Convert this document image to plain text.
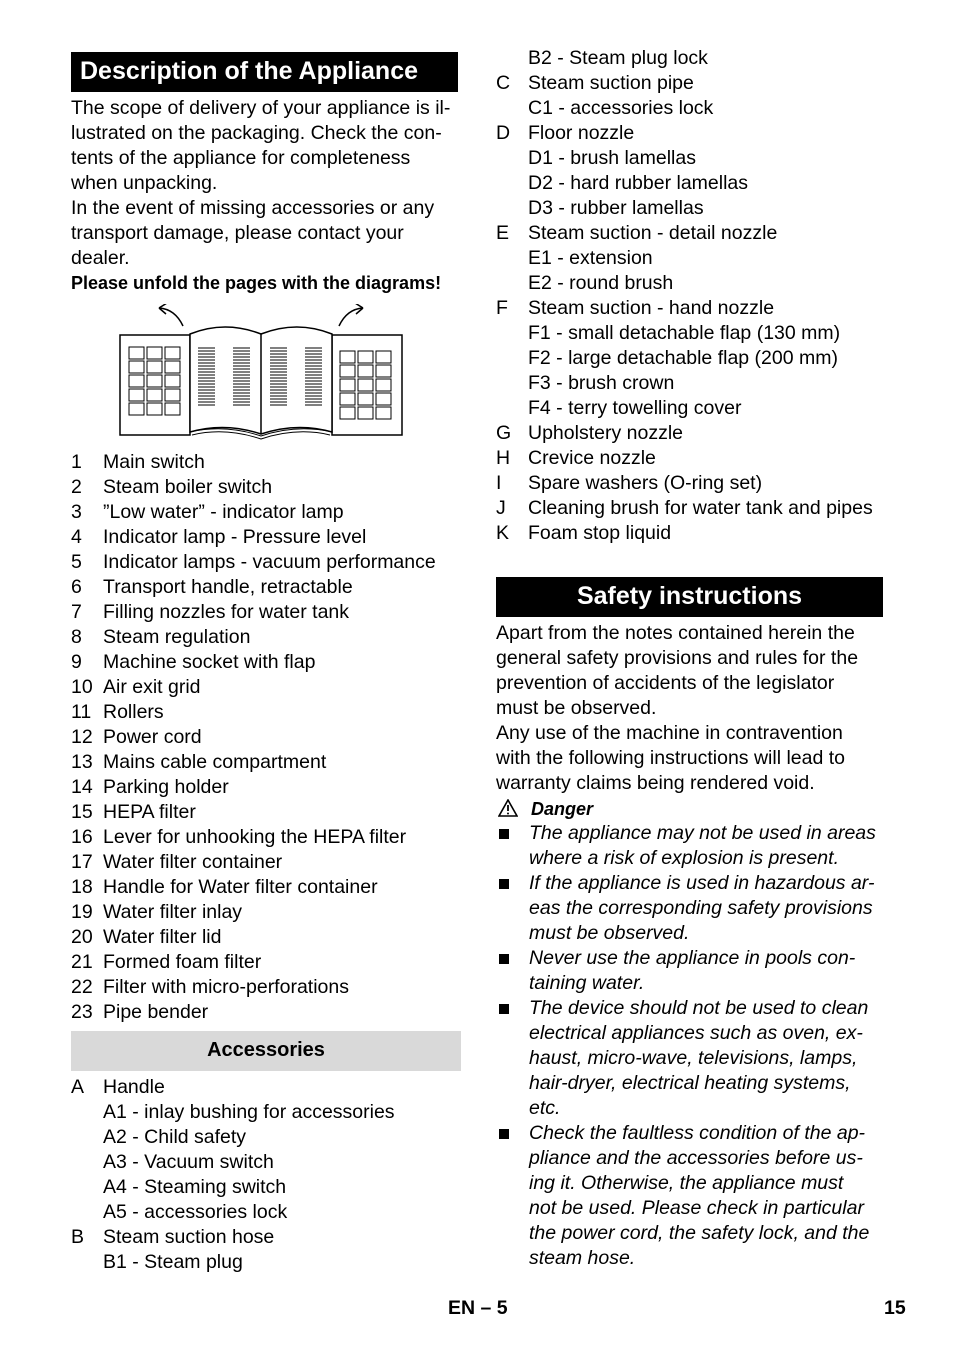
Description of the Appliance
The scope of delivery of your appliance is il-
lustrated on the packaging. Check the con-
tents of the appliance for completeness
when unpacking.
In the event of missing accessories or any
transport damage, please contact your
dealer.
Please unfold the pages with the diagrams!
1 Main switch
2 Steam boiler switch
3 ”Low water” - indicator lamp
4 Indicator lamp - Pressure level
5 Indicator lamps - vacuum performance
6 Transport handle, retractable
7 Filling nozzles for water tank
8 Steam regulation
9 Machine socket with flap
10 Air exit grid
11 Rollers
12 Power cord
13 Mains cable compartment
14 Parking holder
15 HEPA filter
16 Lever for unhooking the HEPA filter
17 Water filter container
18 Handle for Water filter container
19 Water filter inlay
20 Water filter lid
21 Formed foam filter
22 Filter with micro-perforations
23 Pipe bender
Accessories
A Handle
A1 - inlay bushing for accessories
A2 - Child safety
A3 - Vacuum switch
A4 - Steaming switch
A5 - accessories lock
B Steam suction hose
B1 - Steam plug
B2 - Steam plug lock
C Steam suction pipe
C1 - accessories lock
D Floor nozzle
D1 - brush lamellas
D2 - hard rubber lamellas
D3 - rubber lamellas
E Steam suction - detail nozzle
E1 - extension
E2 - round brush
F Steam suction - hand nozzle
F1 - small detachable flap (130 mm)
F2 - large detachable flap (200 mm)
F3 - brush crown
F4 - terry towelling cover
G Upholstery nozzle
H Crevice nozzle
I Spare washers (O-ring set)
J Cleaning brush for water tank and pipes
K Foam stop liquid
Safety instructions
Apart from the notes contained herein the
general safety provisions and rules for the
prevention of accidents of the legislator
must be observed.
Any use of the machine in contravention
with the following instructions will lead to
warranty claims being rendered void.
Danger
The appliance may not be used in areas
where a risk of explosion is present.
If the appliance is used in hazardous ar-
eas the corresponding safety provisions
must be observed.
Never use the appliance in pools con-
taining water.
The device should not be used to clean
electrical appliances such as oven, ex-
haust, micro-wave, televisions, lamps,
hair-dryer, electrical heating systems,
etc.
Check the faultless condition of the ap-
pliance and the accessories before us-
ing it. Otherwise, the appliance must
not be used. Please check in particular
the power cord, the safety lock, and the
steam hose.
EN – 5	15
